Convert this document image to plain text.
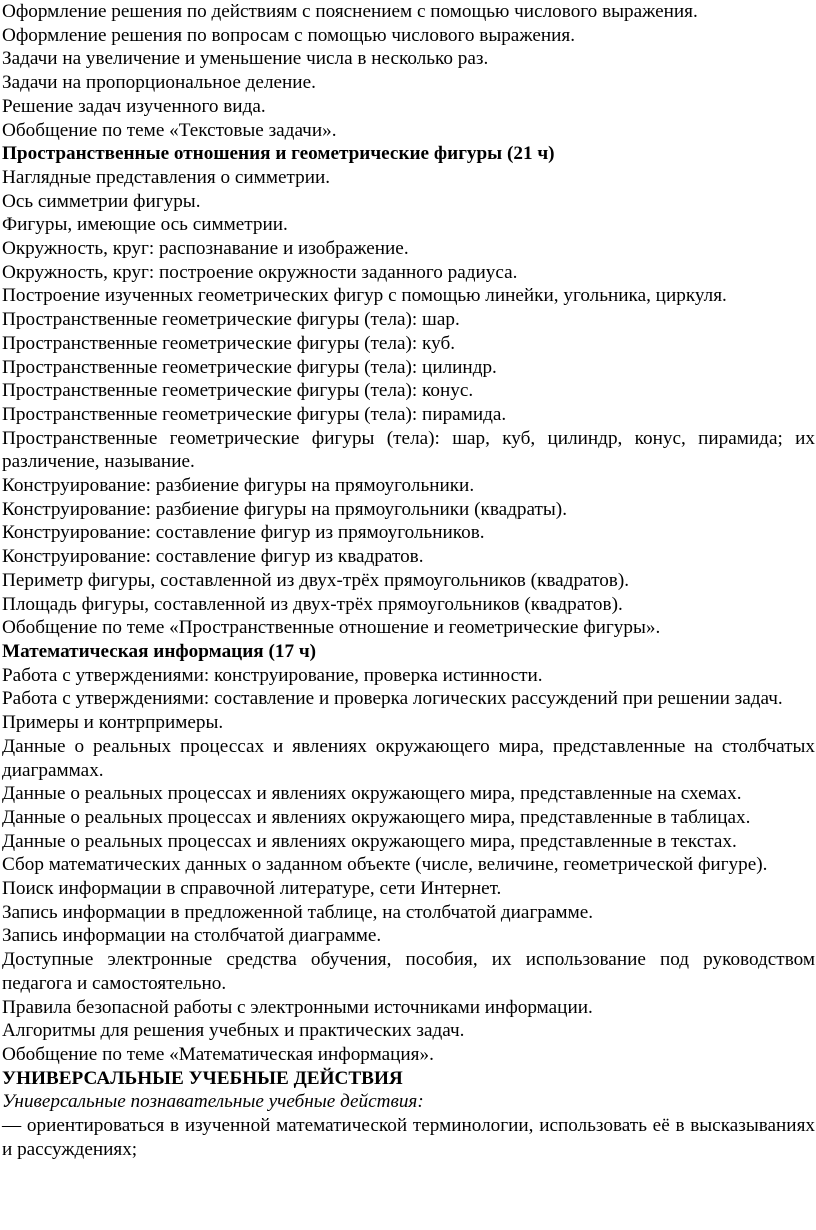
Оформление решения по действиям с пояснением с помощью числового выражения.

Оформление решения по вопросам с помощью числового выражения.

Задачи на увеличение и уменьшение числа в несколько раз.

Задачи на пропорциональное деление.

Решение задач изученного вида.

Обобщение по теме «Текстовые задачи».

Пространственные отношения и геометрические фигуры (21 ч)

Наглядные представления о симметрии.

Ось симметрии фигуры.

Фигуры, имеющие ось симметрии.

Окружность, круг: распознавание и изображение.

Окружность, круг: построение окружности заданного радиуса.

Построение изученных геометрических фигур с помощью линейки, угольника, циркуля.

Пространственные геометрические фигуры (тела): шар.

Пространственные геометрические фигуры (тела): куб.

Пространственные геометрические фигуры (тела): цилиндр.

Пространственные геометрические фигуры (тела): конус.

Пространственные геометрические фигуры (тела): пирамида.

Пространственные геометрические фигуры (тела): шар, куб, цилиндр, конус, пирамида; их различение, называние.

Конструирование: разбиение фигуры на прямоугольники.

Конструирование: разбиение фигуры на прямоугольники (квадраты).

Конструирование: составление фигур из прямоугольников.

Конструирование: составление фигур из квадратов.

Периметр фигуры, составленной из двух-трёх прямоугольников (квадратов).

Площадь фигуры, составленной из двух-трёх прямоугольников (квадратов).

Обобщение по теме «Пространственные отношение и геометрические фигуры».

Математическая информация (17 ч)

Работа с утверждениями: конструирование, проверка истинности.

Работа с утверждениями: составление и проверка логических рассуждений при решении задач.

Примеры и контрпримеры.

Данные о реальных процессах и явлениях окружающего мира, представленные на столбчатых диаграммах.

Данные о реальных процессах и явлениях окружающего мира, представленные на схемах.

Данные о реальных процессах и явлениях окружающего мира, представленные в таблицах.

Данные о реальных процессах и явлениях окружающего мира, представленные в текстах.

Сбор математических данных о заданном объекте (числе, величине, геометрической фигуре).

Поиск информации в справочной литературе, сети Интернет.

Запись информации в предложенной таблице, на столбчатой диаграмме.

Запись информации на столбчатой диаграмме.

Доступные электронные средства обучения, пособия, их использование под руководством педагога и самостоятельно.

Правила безопасной работы с электронными источниками информации.

Алгоритмы для решения учебных и практических задач.

Обобщение по теме «Математическая информация».

УНИВЕРСАЛЬНЫЕ УЧЕБНЫЕ ДЕЙСТВИЯ

Универсальные познавательные учебные действия:

— ориентироваться в изученной математической терминологии, использовать её в высказываниях и рассуждениях;
